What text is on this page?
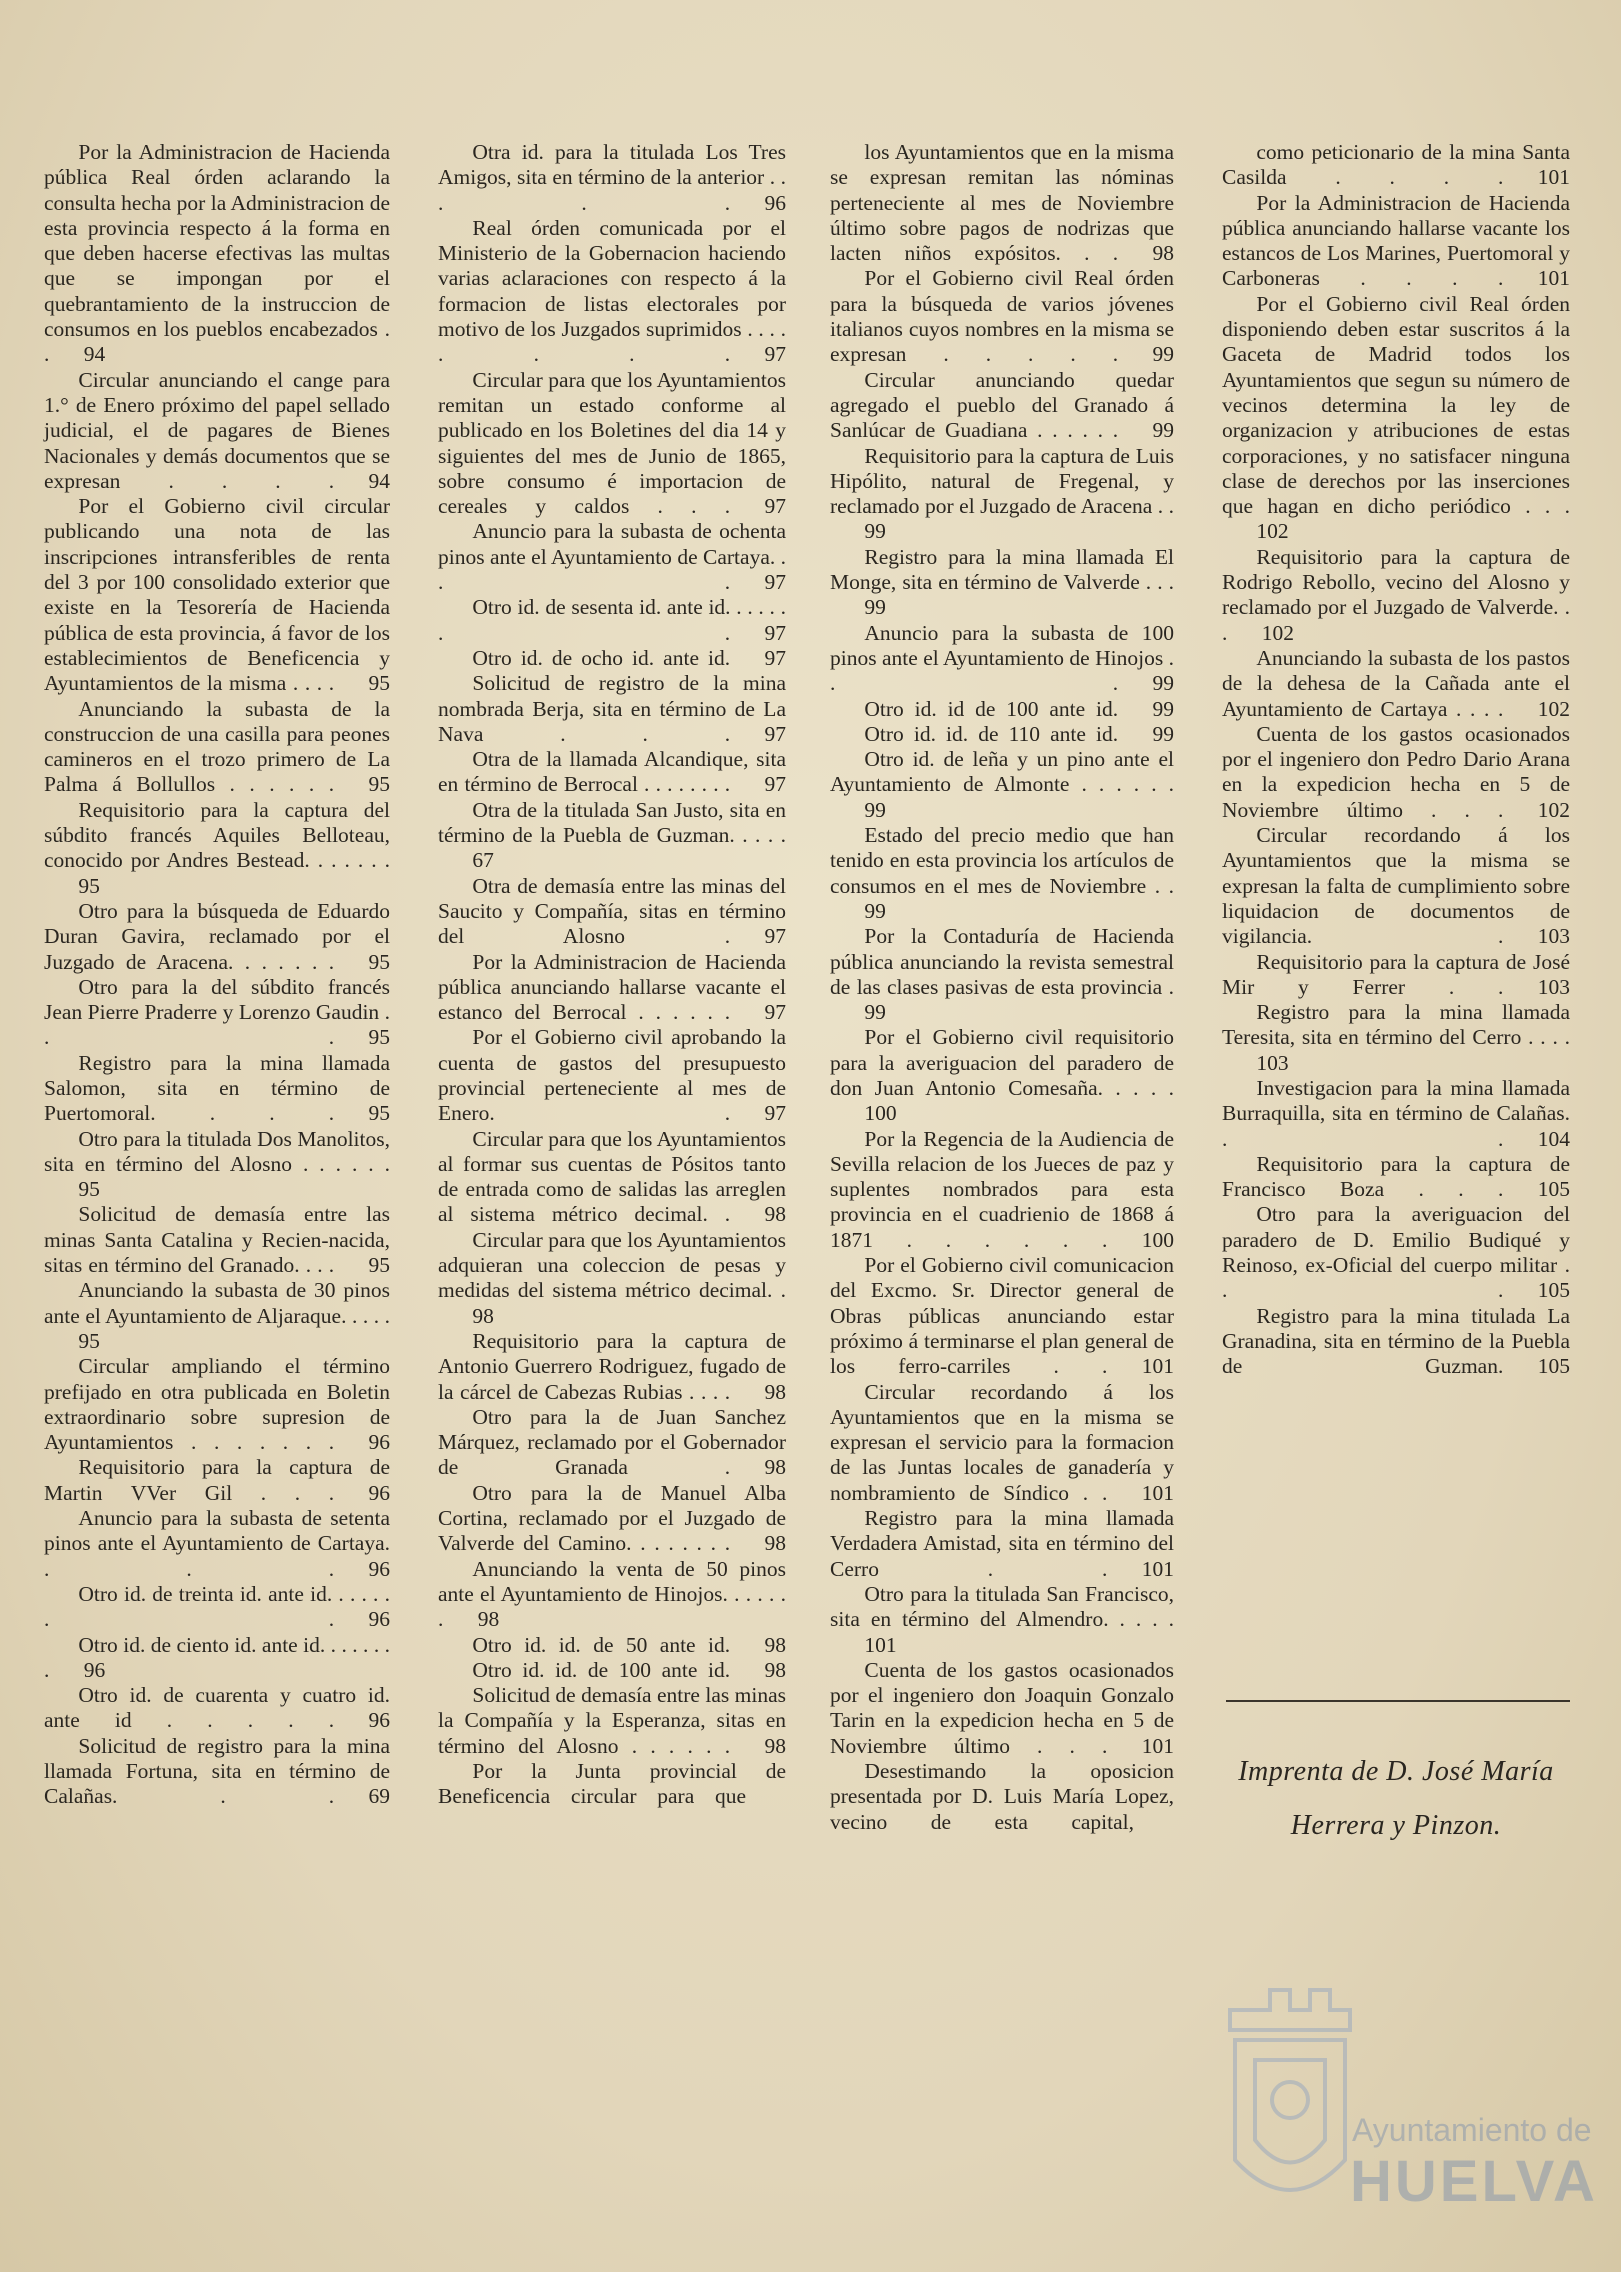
Por la Administracion de Hacienda pública Real órden aclarando la consulta hecha por la Administracion de esta provincia respecto á la forma en que deben hacerse efectivas las multas que se impongan por el quebrantamiento de la instruccion de consumos en los pueblos encabezados . . 94

Circular anunciando el cange para 1.° de Enero próximo del papel sellado judicial, el de pagares de Bienes Nacionales y demás documentos que se expresan . . . . 94

Por el Gobierno civil circular publicando una nota de las inscripciones intransferibles de renta del 3 por 100 consolidado exterior que existe en la Tesorería de Hacienda pública de esta provincia, á favor de los establecimientos de Beneficencia y Ayuntamientos de la misma . . . . 95

Anunciando la subasta de la construccion de una casilla para peones camineros en el trozo primero de La Palma á Bollullos . . . . . . 95

Requisitorio para la captura del súbdito francés Aquiles Belloteau, conocido por Andres Bestead. . . . . . .95

Otro para la búsqueda de Eduardo Duran Gavira, reclamado por el Juzgado de Aracena. . . . . . . 95

Otro para la del súbdito francés Jean Pierre Praderre y Lorenzo Gaudin . . . 95

Registro para la mina llamada Salomon, sita en término de Puertomoral. . . . 95

Otro para la titulada Dos Manolitos, sita en término del Alosno . . . . . .95

Solicitud de demasía entre las minas Santa Catalina y Recien-nacida, sitas en término del Granado. . . . 95

Anunciando la subasta de 30 pinos ante el Ayuntamiento de Aljaraque. . . . .95

Circular ampliando el término prefijado en otra publicada en Boletin extraordinario sobre supresion de Ayuntamientos . . . . . . . 96

Requisitorio para la captura de Martin VVer Gil . . . 96

Anuncio para la subasta de setenta pinos ante el Ayuntamiento de Cartaya. . . . 96

Otro id. de treinta id. ante id. . . . . . . . 96

Otro id. de ciento id. ante id. . . . . . . . 96

Otro id. de cuarenta y cuatro id. ante id . . . . . 96

Solicitud de registro para la mina llamada Fortuna, sita en término de Calañas. . . 69

Otra id. para la titulada Los Tres Amigos, sita en término de la anterior . . . . . 96

Real órden comunicada por el Ministerio de la Gobernacion haciendo varias aclaraciones con respecto á la formacion de listas electorales por motivo de los Juzgados suprimidos . . . . . . . . 97

Circular para que los Ayuntamientos remitan un estado conforme al publicado en los Boletines del dia 14 y siguientes del mes de Junio de 1865, sobre consumo é importacion de cereales y caldos . . . 97

Anuncio para la subasta de ochenta pinos ante el Ayuntamiento de Cartaya. . . . 97

Otro id. de sesenta id. ante id. . . . . . . . 97

Otro id. de ocho id. ante id. 97

Solicitud de registro de la mina nombrada Berja, sita en término de La Nava . . . 97

Otra de la llamada Alcandique, sita en término de Berrocal . . . . . . . . 97

Otra de la titulada San Justo, sita en término de la Puebla de Guzman. . . . .67

Otra de demasía entre las minas del Saucito y Compañía, sitas en término del Alosno . 97

Por la Administracion de Hacienda pública anunciando hallarse vacante el estanco del Berrocal . . . . . . 97

Por el Gobierno civil aprobando la cuenta de gastos del presupuesto provincial perteneciente al mes de Enero. . 97

Circular para que los Ayuntamientos al formar sus cuentas de Pósitos tanto de entrada como de salidas las arreglen al sistema métrico decimal. . 98

Circular para que los Ayuntamientos adquieran una coleccion de pesas y medidas del sistema métrico decimal. .98

Requisitorio para la captura de Antonio Guerrero Rodriguez, fugado de la cárcel de Cabezas Rubias . . . . 98

Otro para la de Juan Sanchez Márquez, reclamado por el Gobernador de Granada . 98

Otro para la de Manuel Alba Cortina, reclamado por el Juzgado de Valverde del Camino. . . . . . . . 98

Anunciando la venta de 50 pinos ante el Ayuntamiento de Hinojos. . . . . . . 98

Otro id. id. de 50 ante id. 98

Otro id. id. de 100 ante id. 98

Solicitud de demasía entre las minas la Compañía y la Esperanza, sitas en término del Alosno . . . . . . 98

Por la Junta provincial de Beneficencia circular para que

los Ayuntamientos que en la misma se expresan remitan las nóminas perteneciente al mes de Noviembre último sobre pagos de nodrizas que lacten niños expósitos. . . 98

Por el Gobierno civil Real órden para la búsqueda de varios jóvenes italianos cuyos nombres en la misma se expresan . . . . . 99

Circular anunciando quedar agregado el pueblo del Granado á Sanlúcar de Guadiana . . . . . . 99

Requisitorio para la captura de Luis Hipólito, natural de Fregenal, y reclamado por el Juzgado de Aracena . .99

Registro para la mina llamada El Monge, sita en término de Valverde . . .99

Anuncio para la subasta de 100 pinos ante el Ayuntamiento de Hinojos . . . 99

Otro id. id de 100 ante id. 99

Otro id. id. de 110 ante id. 99

Otro id. de leña y un pino ante el Ayuntamiento de Almonte . . . . . .99

Estado del precio medio que han tenido en esta provincia los artículos de consumos en el mes de Noviembre . .99

Por la Contaduría de Hacienda pública anunciando la revista semestral de las clases pasivas de esta provincia .99

Por el Gobierno civil requisitorio para la averiguacion del paradero de don Juan Antonio Comesaña. . . . .100

Por la Regencia de la Audiencia de Sevilla relacion de los Jueces de paz y suplentes nombrados para esta provincia en el cuadrienio de 1868 á 1871 . . . . . . 100

Por el Gobierno civil comunicacion del Excmo. Sr. Director general de Obras públicas anunciando estar próximo á terminarse el plan general de los ferro-carriles . . 101

Circular recordando á los Ayuntamientos que en la misma se expresan el servicio para la formacion de las Juntas locales de ganadería y nombramiento de Síndico . . 101

Registro para la mina llamada Verdadera Amistad, sita en término del Cerro . . 101

Otro para la titulada San Francisco, sita en término del Almendro. . . . .101

Cuenta de los gastos ocasionados por el ingeniero don Joaquin Gonzalo Tarin en la expedicion hecha en 5 de Noviembre último . . . 101

Desestimando la oposicion presentada por D. Luis María Lopez, vecino de esta capital,

como peticionario de la mina Santa Casilda . . . . 101

Por la Administracion de Hacienda pública anunciando hallarse vacante los estancos de Los Marines, Puertomoral y Carboneras . . . . 101

Por el Gobierno civil Real órden disponiendo deben estar suscritos á la Gaceta de Madrid todos los Ayuntamientos que segun su número de vecinos determina la ley de organizacion y atribuciones de estas corporaciones, y no satisfacer ninguna clase de derechos por las inserciones que hagan en dicho periódico . . .102

Requisitorio para la captura de Rodrigo Rebollo, vecino del Alosno y reclamado por el Juzgado de Valverde. . . 102

Anunciando la subasta de los pastos de la dehesa de la Cañada ante el Ayuntamiento de Cartaya . . . . 102

Cuenta de los gastos ocasionados por el ingeniero don Pedro Dario Arana en la expedicion hecha en 5 de Noviembre último . . . 102

Circular recordando á los Ayuntamientos que la misma se expresan la falta de cumplimiento sobre liquidacion de documentos de vigilancia. . 103

Requisitorio para la captura de José Mir y Ferrer . . 103

Registro para la mina llamada Teresita, sita en término del Cerro . . . .103

Investigacion para la mina llamada Burraquilla, sita en término de Calañas. . . 104

Requisitorio para la captura de Francisco Boza . . . 105

Otro para la averiguacion del paradero de D. Emilio Budiqué y Reinoso, ex-Oficial del cuerpo militar . . . 105

Registro para la mina titulada La Granadina, sita en término de la Puebla de Guzman. 105

Imprenta de D. José María
Herrera y Pinzon.
Ayuntamiento de
HUELVA
